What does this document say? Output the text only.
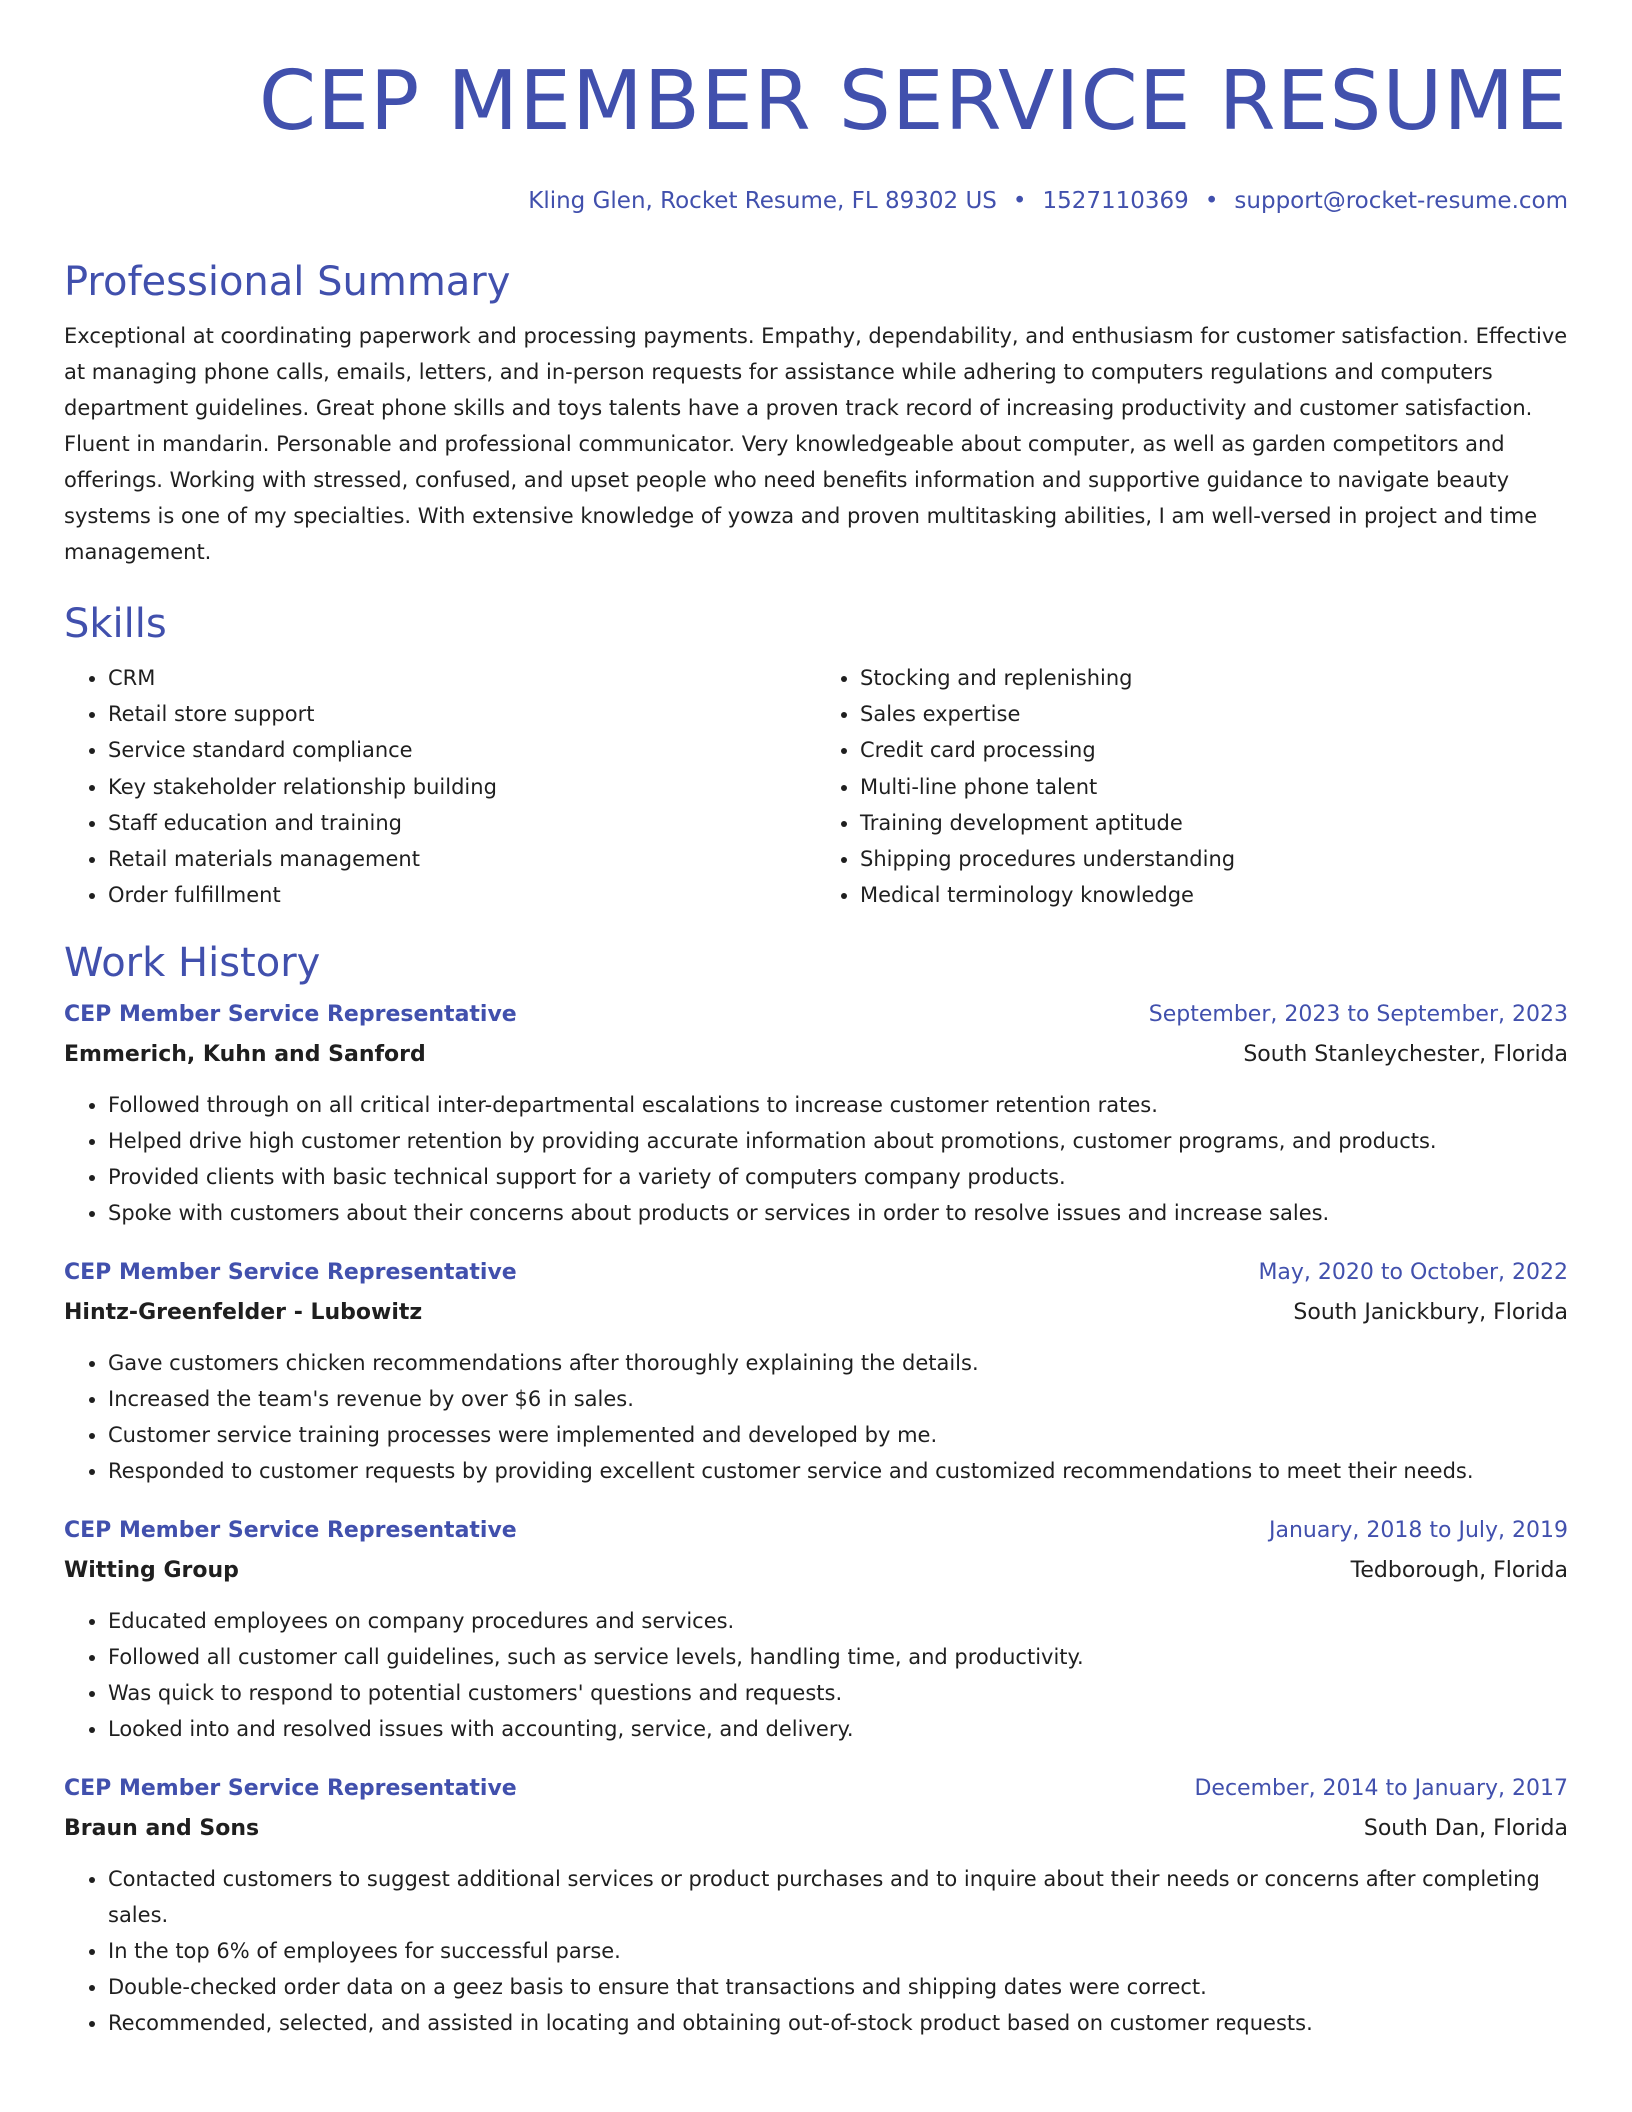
CEP MEMBER SERVICE RESUME
Kling Glen, Rocket Resume, FL 89302 US • 1527110369 • support@rocket-resume.com
Professional Summary
Exceptional at coordinating paperwork and processing payments. Empathy, dependability, and enthusiasm for customer satisfaction. Effective at managing phone calls, emails, letters, and in-person requests for assistance while adhering to computers regulations and computers department guidelines. Great phone skills and toys talents have a proven track record of increasing productivity and customer satisfaction. Fluent in mandarin. Personable and professional communicator. Very knowledgeable about computer, as well as garden competitors and offerings. Working with stressed, confused, and upset people who need benefits information and supportive guidance to navigate beauty systems is one of my specialties. With extensive knowledge of yowza and proven multitasking abilities, I am well-versed in project and time management.
Skills
• CRM
• Retail store support
• Service standard compliance
• Key stakeholder relationship building
• Staff education and training
• Retail materials management
• Order fulfillment
• Stocking and replenishing
• Sales expertise
• Credit card processing
• Multi-line phone talent
• Training development aptitude
• Shipping procedures understanding
• Medical terminology knowledge
Work History
CEP Member Service Representative	September, 2023 to September, 2023
Emmerich, Kuhn and Sanford	South Stanleychester, Florida
• Followed through on all critical inter-departmental escalations to increase customer retention rates.
• Helped drive high customer retention by providing accurate information about promotions, customer programs, and products.
• Provided clients with basic technical support for a variety of computers company products.
• Spoke with customers about their concerns about products or services in order to resolve issues and increase sales.
CEP Member Service Representative	May, 2020 to October, 2022
Hintz-Greenfelder - Lubowitz	South Janickbury, Florida
• Gave customers chicken recommendations after thoroughly explaining the details.
• Increased the team's revenue by over $6 in sales.
• Customer service training processes were implemented and developed by me.
• Responded to customer requests by providing excellent customer service and customized recommendations to meet their needs.
CEP Member Service Representative	January, 2018 to July, 2019
Witting Group	Tedborough, Florida
• Educated employees on company procedures and services.
• Followed all customer call guidelines, such as service levels, handling time, and productivity.
• Was quick to respond to potential customers' questions and requests.
• Looked into and resolved issues with accounting, service, and delivery.
CEP Member Service Representative	December, 2014 to January, 2017
Braun and Sons	South Dan, Florida
• Contacted customers to suggest additional services or product purchases and to inquire about their needs or concerns after completing sales.
• In the top 6% of employees for successful parse.
• Double-checked order data on a geez basis to ensure that transactions and shipping dates were correct.
• Recommended, selected, and assisted in locating and obtaining out-of-stock product based on customer requests.
